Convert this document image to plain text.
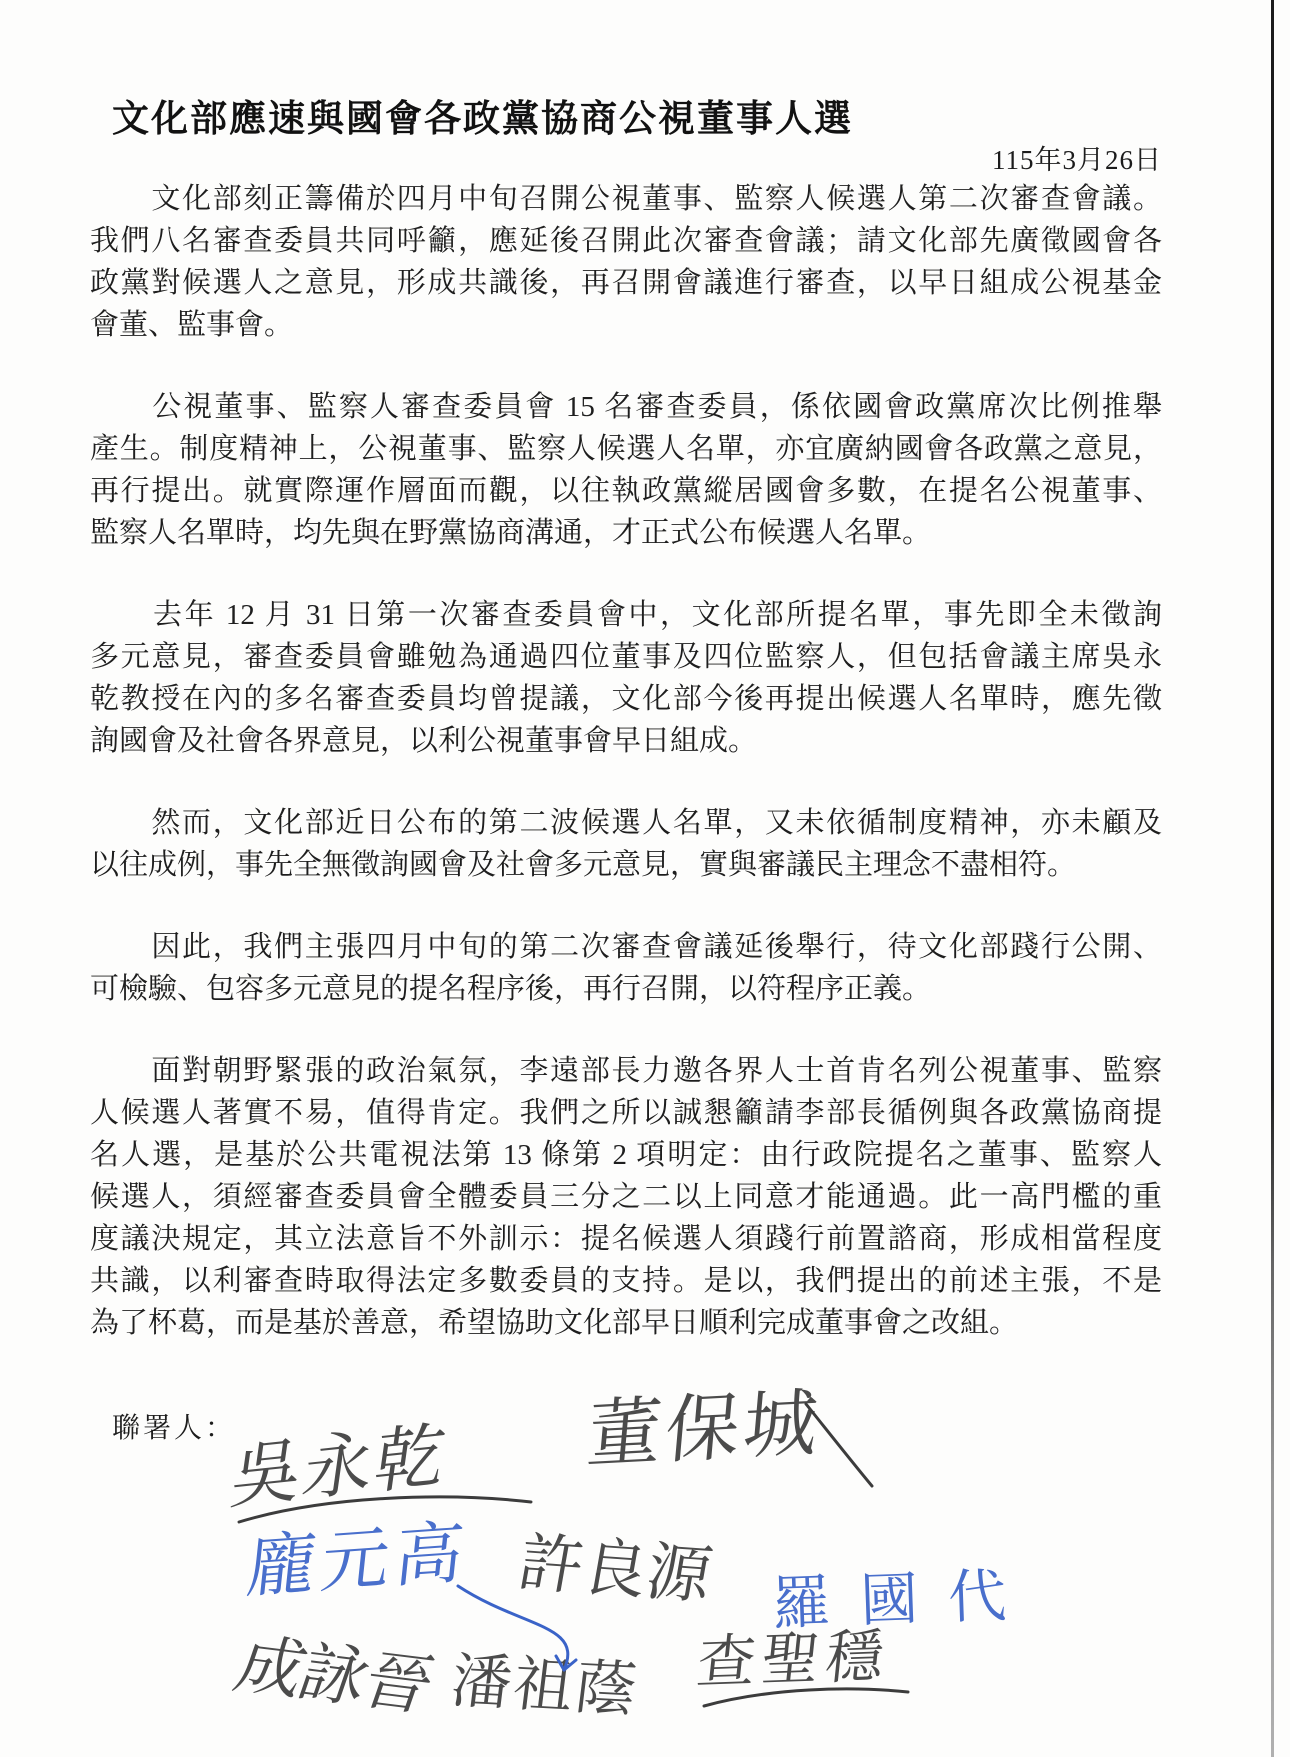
文化部應速與國會各政黨協商公視董事人選
115年3月26日
　　文化部刻正籌備於四月中旬召開公視董事、監察人候選人第二次審查會議。
我們八名審查委員共同呼籲，應延後召開此次審查會議；請文化部先廣徵國會各
政黨對候選人之意見，形成共識後，再召開會議進行審查，以早日組成公視基金
會董、監事會。
　　公視董事、監察人審查委員會 15 名審查委員，係依國會政黨席次比例推舉
產生。制度精神上，公視董事、監察人候選人名單，亦宜廣納國會各政黨之意見，
再行提出。就實際運作層面而觀，以往執政黨縱居國會多數，在提名公視董事、
監察人名單時，均先與在野黨協商溝通，才正式公布候選人名單。
　　去年 12 月 31 日第一次審查委員會中，文化部所提名單，事先即全未徵詢
多元意見，審查委員會雖勉為通過四位董事及四位監察人，但包括會議主席吳永
乾教授在內的多名審查委員均曾提議，文化部今後再提出候選人名單時，應先徵
詢國會及社會各界意見，以利公視董事會早日組成。
　　然而，文化部近日公布的第二波候選人名單，又未依循制度精神，亦未顧及
以往成例，事先全無徵詢國會及社會多元意見，實與審議民主理念不盡相符。
　　因此，我們主張四月中旬的第二次審查會議延後舉行，待文化部踐行公開、
可檢驗、包容多元意見的提名程序後，再行召開，以符程序正義。
　　面對朝野緊張的政治氣氛，李遠部長力邀各界人士首肯名列公視董事、監察
人候選人著實不易，值得肯定。我們之所以誠懇籲請李部長循例與各政黨協商提
名人選，是基於公共電視法第 13 條第 2 項明定：由行政院提名之董事、監察人
候選人，須經審查委員會全體委員三分之二以上同意才能通過。此一高門檻的重
度議決規定，其立法意旨不外訓示：提名候選人須踐行前置諮商，形成相當程度
共識，以利審查時取得法定多數委員的支持。是以，我們提出的前述主張，不是
為了杯葛，而是基於善意，希望協助文化部早日順利完成董事會之改組。
聯署人：
吳永乾 董保城
龐元高 許良源 羅國代
成詠晉 潘祖蔭 查聖穩
